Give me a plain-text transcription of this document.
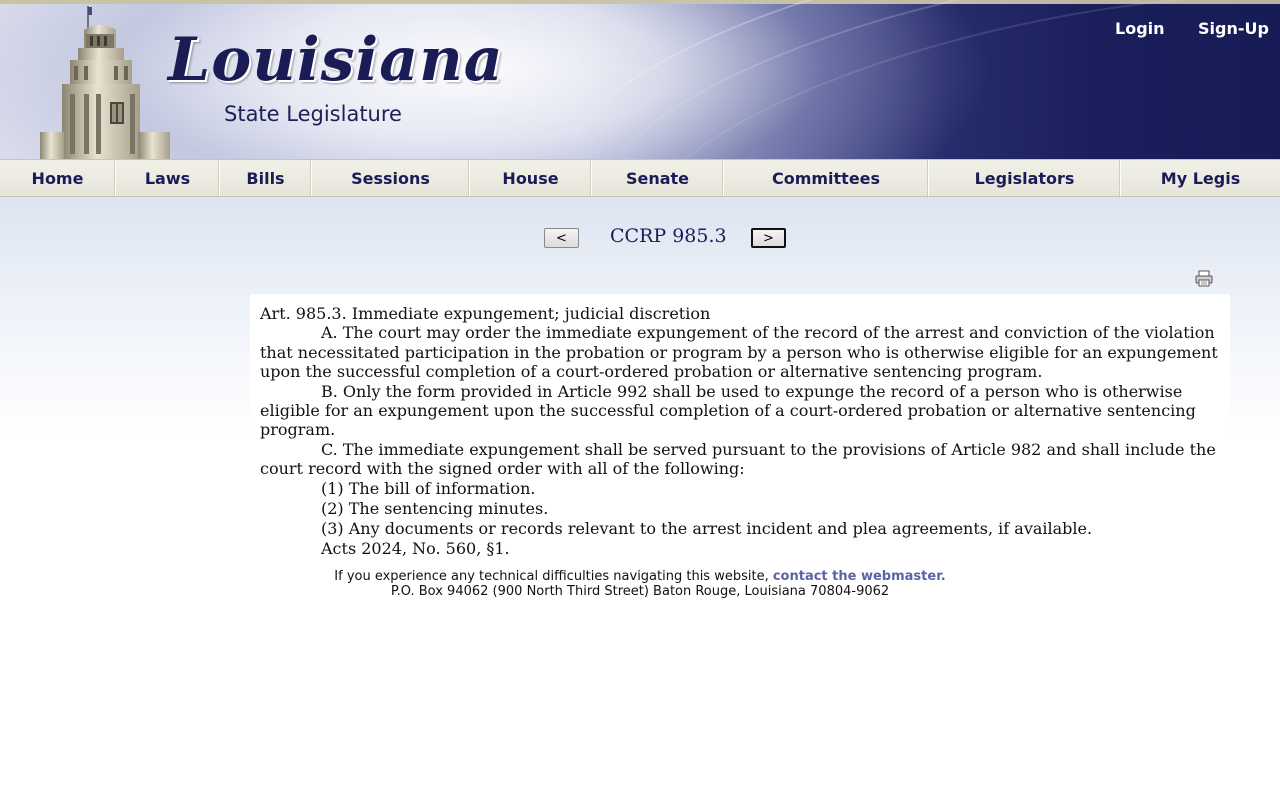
Louisiana
State Legislature
Login Sign-Up
Home	Laws	Bills	Sessions	House	Senate	Committees	Legislators	My Legis
<	CCRP 985.3	>

Art. 985.3. Immediate expungement; judicial discretion

A. The court may order the immediate expungement of the record of the arrest and conviction of the violation that necessitated participation in the probation or program by a person who is otherwise eligible for an expungement upon the successful completion of a court-ordered probation or alternative sentencing program.

B. Only the form provided in Article 992 shall be used to expunge the record of a person who is otherwise eligible for an expungement upon the successful completion of a court-ordered probation or alternative sentencing program.

C. The immediate expungement shall be served pursuant to the provisions of Article 982 and shall include the court record with the signed order with all of the following:

(1) The bill of information.

(2) The sentencing minutes.

(3) Any documents or records relevant to the arrest incident and plea agreements, if available.

Acts 2024, No. 560, §1.

If you experience any technical difficulties navigating this website, contact the webmaster.
P.O. Box 94062 (900 North Third Street) Baton Rouge, Louisiana 70804-9062
